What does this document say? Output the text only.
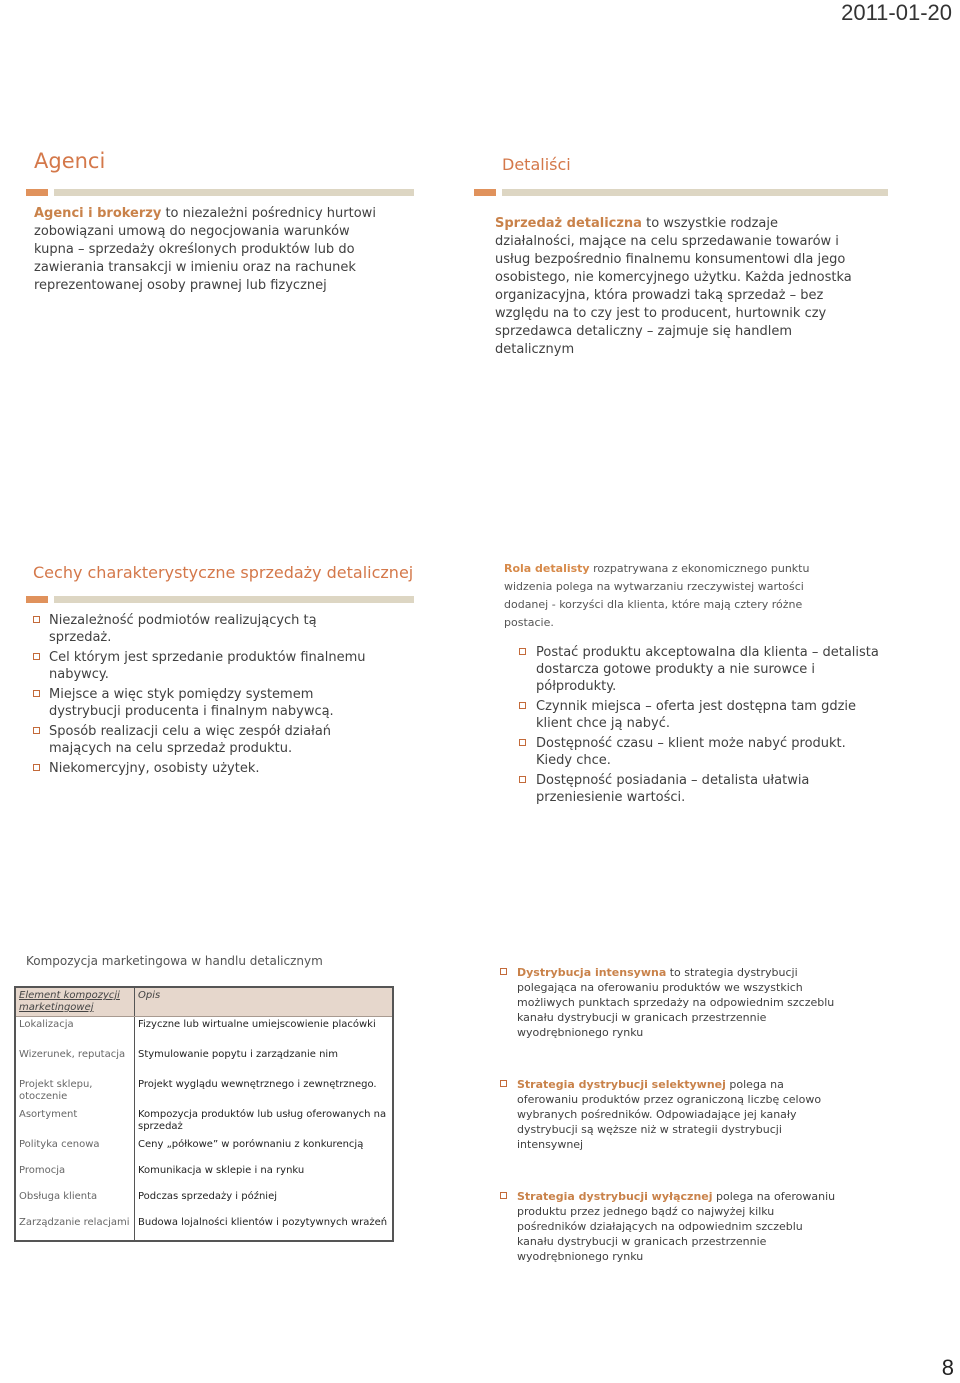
2011-01-20
Agenci
Agenci i brokerzy to niezależni pośrednicy hurtowi zobowiązani umową do negocjowania warunków kupna – sprzedaży określonych produktów lub do zawierania transakcji w imieniu oraz na rachunek reprezentowanej osoby prawnej lub fizycznej
Detaliści
Sprzedaż detaliczna to wszystkie rodzaje działalności, mające na celu sprzedawanie towarów i usług bezpośrednio finalnemu konsumentowi dla jego osobistego, nie komercyjnego użytku. Każda jednostka organizacyjna, która prowadzi taką sprzedaż – bez względu na to czy jest to producent, hurtownik czy sprzedawca detaliczny – zajmuje się handlem detalicznym
Cechy charakterystyczne sprzedaży detalicznej
Niezależność podmiotów realizujących tą sprzedaż.
Cel którym jest sprzedanie produktów finalnemu nabywcy.
Miejsce a więc styk pomiędzy systemem dystrybucji producenta i finalnym nabywcą.
Sposób realizacji celu a więc zespół działań mających na celu sprzedaż produktu.
Niekomercyjny, osobisty użytek.
Rola detalisty rozpatrywana z ekonomicznego punktu widzenia polega na wytwarzaniu rzeczywistej wartości dodanej - korzyści dla klienta, które mają cztery różne postacie.
Postać produktu akceptowalna dla klienta – detalista dostarcza gotowe produkty a nie surowce i półprodukty.
Czynnik miejsca – oferta jest dostępna tam gdzie klient chce ją nabyć.
Dostępność czasu – klient może nabyć produkt. Kiedy chce.
Dostępność posiadania – detalista ułatwia przeniesienie wartości.
Kompozycja marketingowa w handlu detalicznym
Element kompozycji marketingowej	Opis
Lokalizacja	Fizyczne lub wirtualne umiejscowienie placówki
Wizerunek, reputacja	Stymulowanie popytu i zarządzanie nim
Projekt sklepu, otoczenie	Projekt wyglądu wewnętrznego i zewnętrznego.
Asortyment	Kompozycja produktów lub usług oferowanych na sprzedaż
Polityka cenowa	Ceny „półkowe” w porównaniu z konkurencją
Promocja	Komunikacja w sklepie i na rynku
Obsługa klienta	Podczas sprzedaży i później
Zarządzanie relacjami	Budowa lojalności klientów i pozytywnych wrażeń
Dystrybucja intensywna to strategia dystrybucji polegająca na oferowaniu produktów we wszystkich możliwych punktach sprzedaży na odpowiednim szczeblu kanału dystrybucji w granicach przestrzennie wyodrębnionego rynku
Strategia dystrybucji selektywnej polega na oferowaniu produktów przez ograniczoną liczbę celowo wybranych pośredników. Odpowiadające jej kanały dystrybucji są węższe niż w strategii dystrybucji intensywnej
Strategia dystrybucji wyłącznej polega na oferowaniu produktu przez jednego bądź co najwyżej kilku pośredników działających na odpowiednim szczeblu kanału dystrybucji w granicach przestrzennie wyodrębnionego rynku
8
